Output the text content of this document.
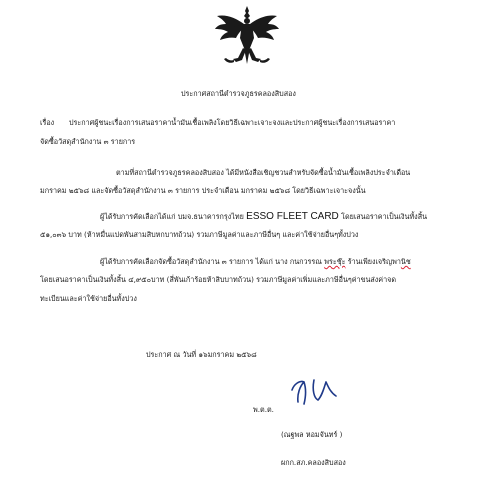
ประกาศสถานีตำรวจภูธรคลองสิบสอง
เรื่อง ประกาศผู้ชนะเรื่องการเสนอราคาน้ำมันเชื้อเพลิงโดยวิธีเฉพาะเจาะจงและประกาศผู้ชนะเรื่องการเสนอราคา
จัดซื้อวัสดุสำนักงาน ๓ รายการ
ตามที่สถานีตำรวจภูธรคลองสิบสอง ได้มีหนังสือเชิญชวนสำหรับจัดซื้อน้ำมันเชื้อเพลิงประจำเดือน
มกราคม ๒๕๖๘ และจัดซื้อวัสดุสำนักงาน ๓ รายการ ประจำเดือน มกราคม ๒๕๖๘ โดยวิธีเฉพาะเจาะจงนั้น
ผู้ได้รับการคัดเลือกได้แก่ บมจ.ธนาคารกรุงไทย ESSO FLEET CARD โดยเสนอราคาเป็นเงินทั้งสิ้น
๕๑,๐๓๖ บาท (ห้าหมื่นแปดพันสามสิบหกบาทถ้วน) รวมภาษีมูลค่าและภาษีอื่นๆ และค่าใช้จ่ายอื่นๆทั้งปวง
ผู้ได้รับการคัดเลือกจัดซื้อวัสดุสำนักงาน ๓ รายการ ได้แก่ นาง กนกวรรณ พระชุ๊ะ ร้านเพียงเจริญพานิช
โดยเสนอราคาเป็นเงินทั้งสิ้น ๔,๙๕๐บาท (สี่พันเก้าร้อยห้าสิบบาทถ้วน) รวมภาษีมูลค่าเพิ่มและภาษีอื่นๆค่าขนส่งค่าจด
ทะเบียนและค่าใช้จ่ายอื่นทั้งปวง
ประกาศ ณ วันที่ ๑๖มกราคม ๒๕๖๘
พ.ต.ต.
(ณฐพล หอมจันทร์ )
ผกก.สภ.คลองสิบสอง
